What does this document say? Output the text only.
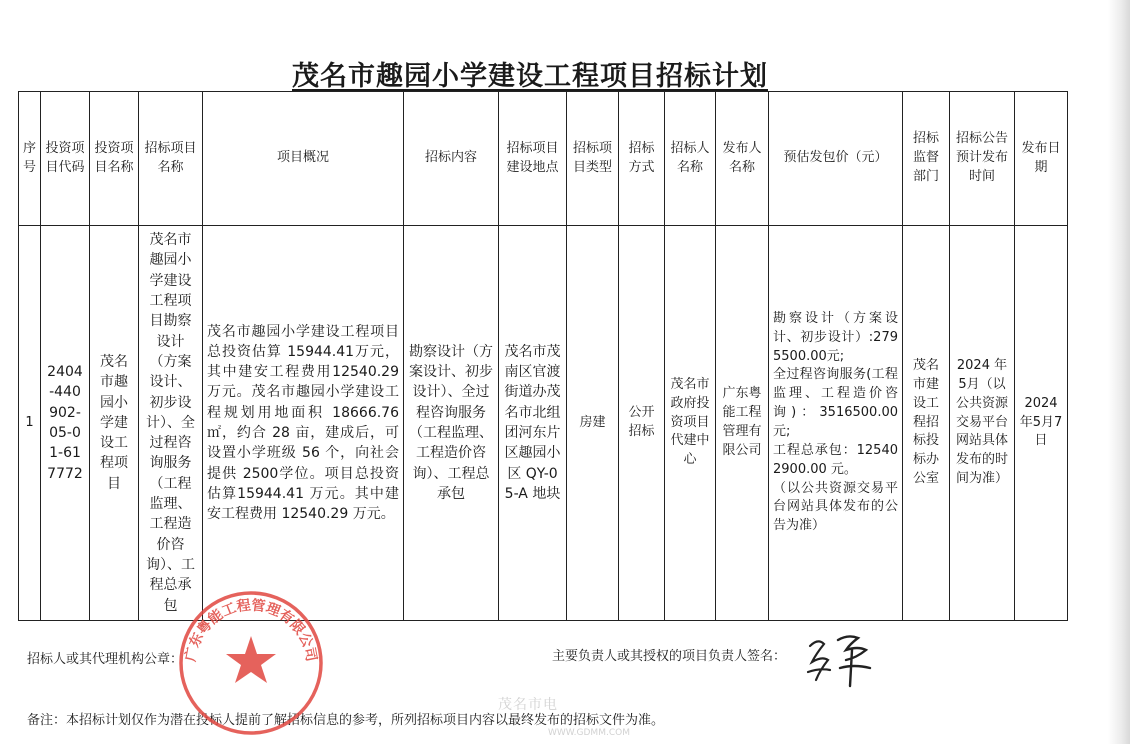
茂名市趣园小学建设工程项目招标计划
序号	投资项目代码	投资项目名称	招标项目名称	项目概况	招标内容	招标项目建设地点	招标项目类型	招标方式	招标人名称	发布人名称	预估发包价（元）	招标监督部门	招标公告预计发布时间	发布日期
1	2404-440902-05-01-617772	茂名市趣园小学建设工程项目	茂名市趣园小学建设工程项目勘察设计（方案设计、初步设计）、全过程咨询服务（工程监理、工程造价咨询）、工程总承包	茂名市趣园小学建设工程项目总投资估算 15944.41万元，其中建安工程费用12540.29 万元。茂名市趣园小学建设工程规划用地面积 18666.76 ㎡，约合 28 亩，建成后，可设置小学班级 56 个，向社会提供 2500学位。项目总投资估算15944.41 万元。其中建安工程费用 12540.29 万元。	勘察设计（方案设计、初步设计）、全过程咨询服务（工程监理、工程造价咨询）、工程总承包	茂名市茂南区官渡街道办茂名市北组团河东片区趣园小区 QY-05-A 地块	房建	公开招标	茂名市政府投资项目代建中心	广东粤能工程管理有限公司	勘察设计（方案设计、初步设计）:2795500.00元;
全过程咨询服务(工程监理、工程造价咨询)：3516500.00元;
工程总承包：125402900.00 元。
（以公共资源交易平台网站具体发布的公告为准）	茂名市建设工程招标投标办公室	2024 年5月（以公共资源交易平台网站具体发布的时间为准）	2024年5月7日
招标人或其代理机构公章：	主要负责人或其授权的项目负责人签名：
备注：本招标计划仅作为潜在投标人提前了解招标信息的参考，所列招标项目内容以最终发布的招标文件为准。
广东粤能工程管理有限公司
茂名市电
WWW.GDMM.COM
